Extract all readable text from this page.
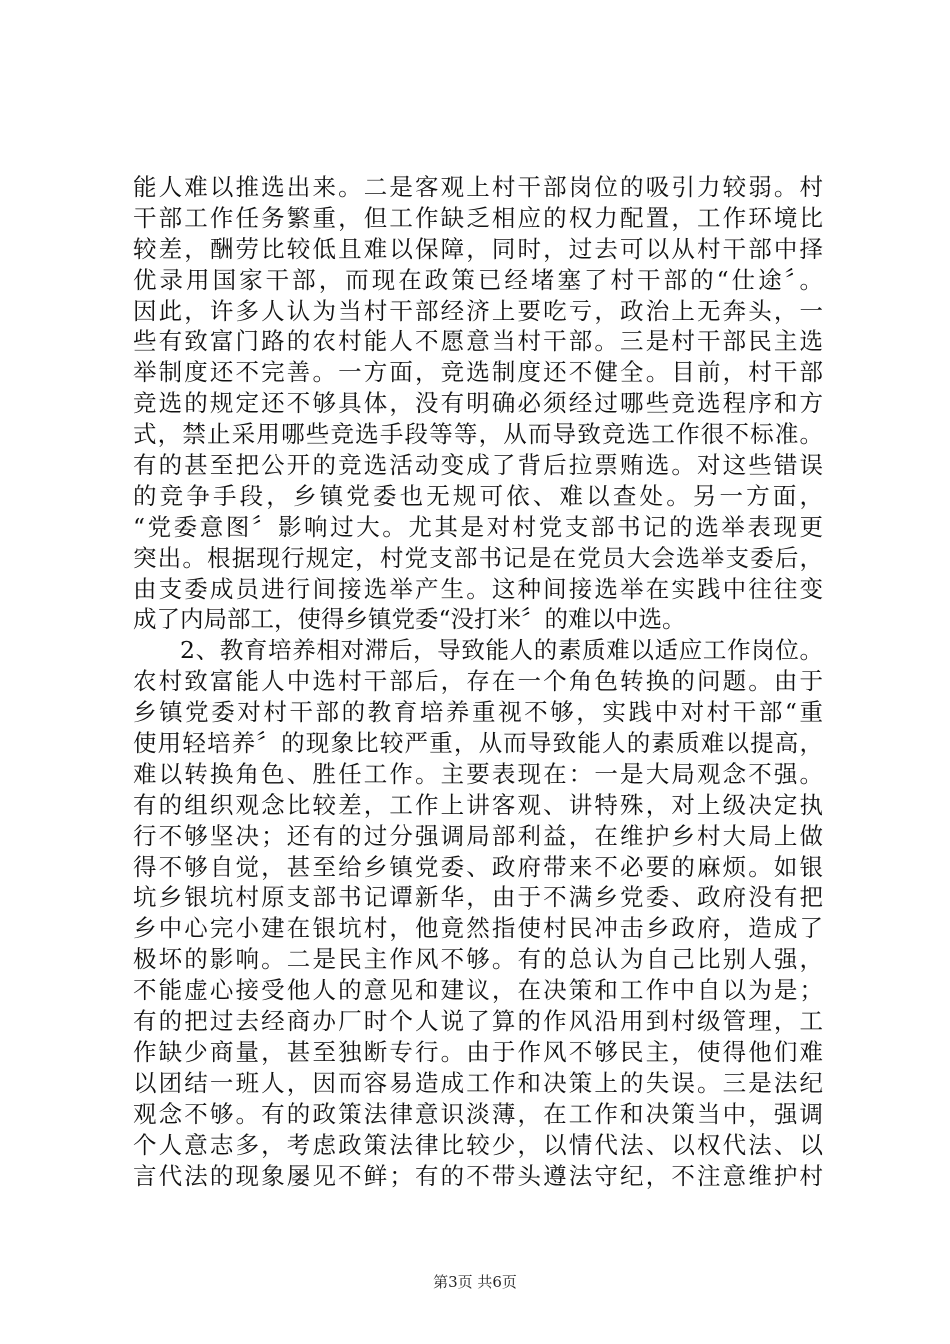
能人难以推选出来。二是客观上村干部岗位的吸引力较弱。村
干部工作任务繁重，但工作缺乏相应的权力配置，工作环境比
较差，酬劳比较低且难以保障，同时，过去可以从村干部中择
优录用国家干部，而现在政策已经堵塞了村干部的“仕途〞。
因此，许多人认为当村干部经济上要吃亏，政治上无奔头，一
些有致富门路的农村能人不愿意当村干部。三是村干部民主选
举制度还不完善。一方面，竞选制度还不健全。目前，村干部
竞选的规定还不够具体，没有明确必须经过哪些竞选程序和方
式，禁止采用哪些竞选手段等等，从而导致竞选工作很不标准。
有的甚至把公开的竞选活动变成了背后拉票贿选。对这些错误
的竞争手段，乡镇党委也无规可依、难以查处。另一方面，
“党委意图〞影响过大。尤其是对村党支部书记的选举表现更
突出。根据现行规定，村党支部书记是在党员大会选举支委后，
由支委成员进行间接选举产生。这种间接选举在实践中往往变
成了内局部工，使得乡镇党委“没打米〞的难以中选。
2、教育培养相对滞后，导致能人的素质难以适应工作岗位。
农村致富能人中选村干部后，存在一个角色转换的问题。由于
乡镇党委对村干部的教育培养重视不够，实践中对村干部“重
使用轻培养〞的现象比较严重，从而导致能人的素质难以提高，
难以转换角色、胜任工作。主要表现在：一是大局观念不强。
有的组织观念比较差，工作上讲客观、讲特殊，对上级决定执
行不够坚决；还有的过分强调局部利益，在维护乡村大局上做
得不够自觉，甚至给乡镇党委、政府带来不必要的麻烦。如银
坑乡银坑村原支部书记谭新华，由于不满乡党委、政府没有把
乡中心完小建在银坑村，他竟然指使村民冲击乡政府，造成了
极坏的影响。二是民主作风不够。有的总认为自己比别人强，
不能虚心接受他人的意见和建议，在决策和工作中自以为是；
有的把过去经商办厂时个人说了算的作风沿用到村级管理，工
作缺少商量，甚至独断专行。由于作风不够民主，使得他们难
以团结一班人，因而容易造成工作和决策上的失误。三是法纪
观念不够。有的政策法律意识淡薄，在工作和决策当中，强调
个人意志多，考虑政策法律比较少，以情代法、以权代法、以
言代法的现象屡见不鲜；有的不带头遵法守纪，不注意维护村
第3页 共6页
